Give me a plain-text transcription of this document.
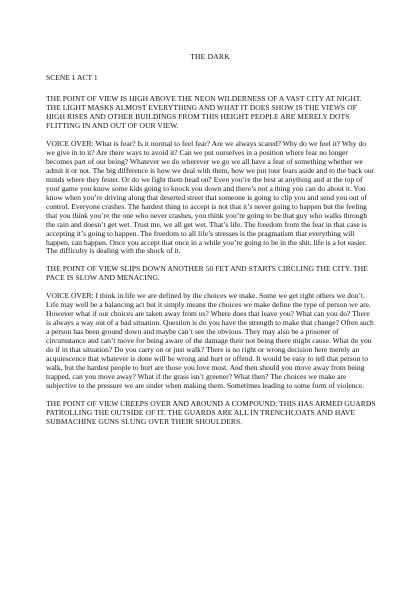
THE DARK
SCENE 1 ACT 1

THE POINT OF VIEW IS HIGH ABOVE THE NEON WILDERNESS OF A VAST CITY AT NIGHT. THE LIGHT MASKS ALMOST EVERYTHING AND WHAT IT DOES SHOW IS THE VIEWS OF HIGH RISES AND OTHER BUILDINGS FROM THIS HEIGHT PEOPLE ARE MERELY DOTS FLITTING IN AND OUT OF OUR VIEW.

VOICE OVER: What is fear? Is it normal to feel fear? Are we always scared? Why do we feel it? Why do we give in to it? Are there ways to avoid it? Can we put ourselves in a position where fear no longer becomes part of our being? Whatever we do wherever we go we all have a fear of something whether we admit it or not. The big difference is how we deal with them, how we put tour fears aside and to the back our minds where they fester. Or do we fight them head on? Even you’re the best at anything and at the top of your game you know some kids going to knock you down and there’s not a thing you can do about it. You know when you’re driving along that deserted street that someone is going to clip you and send you out of control. Everyone crashes. The hardest thing to accept is not that it’s never going to happen but the feeling that you think you’re the one who never crashes, you think you’re going to be that guy who walks through the rain and doesn’t get wet. Trust me, we all get wet. That’s life. The freedom from the fear in that case is accepting it’s going to happen. The freedom to all life’s stresses is the pragmatism that everything will happen, can happen. Once you accept that once in a while you’re going to be in the shit, life is a lot easier. The difficulty is dealing with the shock of it.

THE POINT OF VIEW SLIPS DOWN ANOTHER 50 FET AND STARTS CIRCLING THE CITY. THE PACE IS SLOW AND MENACING.

VOICE OVER: I think in life we are defined by the choices we make. Some we get right others we don’t. Life may well be a balancing act but it simply means the choices we make define the type of person we are. However what if our choices are taken away from us? Where does that leave you? What can you do? There is always a way out of a bad situation. Question is do you have the strength to make that change? Often such a person has been ground down and maybe can’t see the obvious. They may also be a prisoner of circumstance and can’t move for being aware of the damage their not being there might cause. What do you do if in that situation? Do you carry on or just walk? There is no right or wrong decision here merely an acquiescence that whatever is done will be wrong and hurt or offend. It would be easy to tell that person to walk, but the hardest people to hurt are those you love most. And then should you move away from being trapped, can you move away? What if the grass isn’t greener? What then? The choices we make are subjective to the pressure we are under when making them. Sometimes leading to some form of violence.

THE POINT OF VIEW CREEPS OVER AND AROUND A COMPOUND; THIS HAS ARMED GUARDS PATROLLING THE OUTSIDE OF IT. THE GUARDS ARE ALL IN TRENCHCOATS AND HAVE SUBMACHINE GUNS SLUNG OVER THEIR SHOULDERS.
